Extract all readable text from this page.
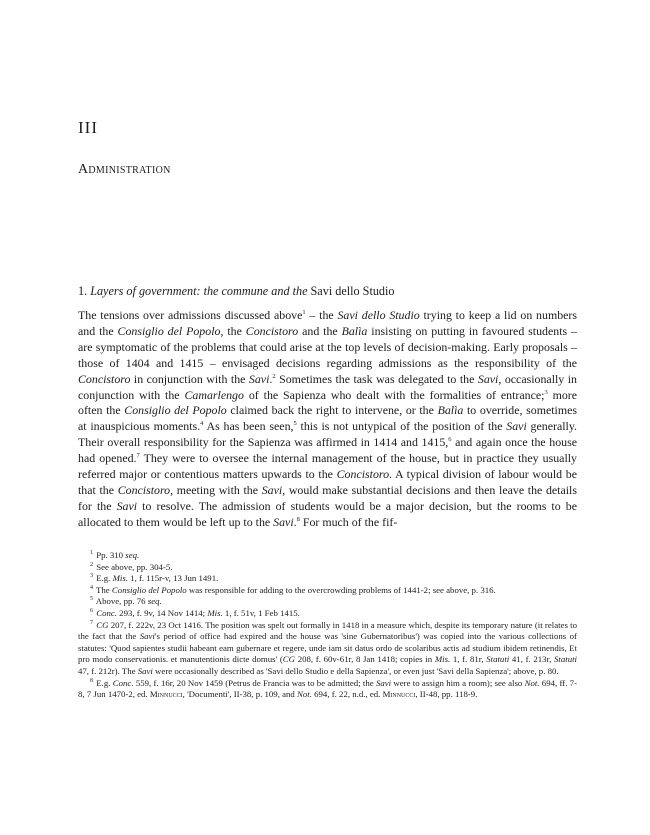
III
Administration
1. Layers of government: the commune and the Savi dello Studio

The tensions over admissions discussed above$^1$ – the Savi dello Studio trying to keep a lid on numbers and the Consiglio del Popolo, the Concistoro and the Balìa insisting on putting in favoured students – are symptomatic of the problems that could arise at the top levels of decision-making. Early proposals – those of 1404 and 1415 – envisaged decisions regarding admissions as the responsibility of the Concistoro in conjunction with the Savi.$^2$ Sometimes the task was delegated to the Savi, occasionally in conjunction with the Camarlengo of the Sapienza who dealt with the formalities of entrance;$^3$ more often the Consiglio del Popolo claimed back the right to intervene, or the Balìa to override, sometimes at inauspicious moments.$^4$ As has been seen,$^5$ this is not untypical of the position of the Savi generally. Their overall responsibility for the Sapienza was affirmed in 1414 and 1415,$^6$ and again once the house had opened.$^7$ They were to oversee the internal management of the house, but in practice they usually referred major or contentious matters upwards to the Concistoro. A typical division of labour would be that the Concistoro, meeting with the Savi, would make substantial decisions and then leave the details for the Savi to resolve. The admission of students would be a major decision, but the rooms to be allocated to them would be left up to the Savi.$^8$ For much of the fif-

$^1$ Pp. 310 seq.

$^2$ See above, pp. 304-5.

$^3$ E.g. Mis. 1, f. 115r-v, 13 Jun 1491.

$^4$ The Consiglio del Popolo was responsible for adding to the overcrowding problems of 1441-2; see above, p. 316.

$^5$ Above, pp. 76 seq.

$^6$ Conc. 293, f. 9v, 14 Nov 1414; Mis. 1, f. 51v, 1 Feb 1415.

$^7$ CG 207, f. 222v, 23 Oct 1416. The position was spelt out formally in 1418 in a measure which, despite its temporary nature (it relates to the fact that the Savi's period of office had expired and the house was 'sine Gubernatoribus') was copied into the various collections of statutes: 'Quod sapientes studii habeant eam gubernare et regere, unde iam sit datus ordo de scolaribus actis ad studium ibidem retinendis, Et pro modo conservationis. et manutentionis dicte domus' (CG 208, f. 60v-61r, 8 Jan 1418; copies in Mis. 1, f. 81r, Statuti 41, f. 213r, Statuti 47, f. 212r). The Savi were occasionally described as 'Savi dello Studio e della Sapienza', or even just 'Savi della Sapienza'; above, p. 80.

$^8$ E.g. Conc. 559, f. 16r, 20 Nov 1459 (Petrus de Francia was to be admitted; the Savi were to assign him a room); see also Not. 694, ff. 7-8, 7 Jun 1470-2, ed. Minnucci, 'Documenti', II-38, p. 109, and Not. 694, f. 22, n.d., ed. Minnucci, II-48, pp. 118-9.
